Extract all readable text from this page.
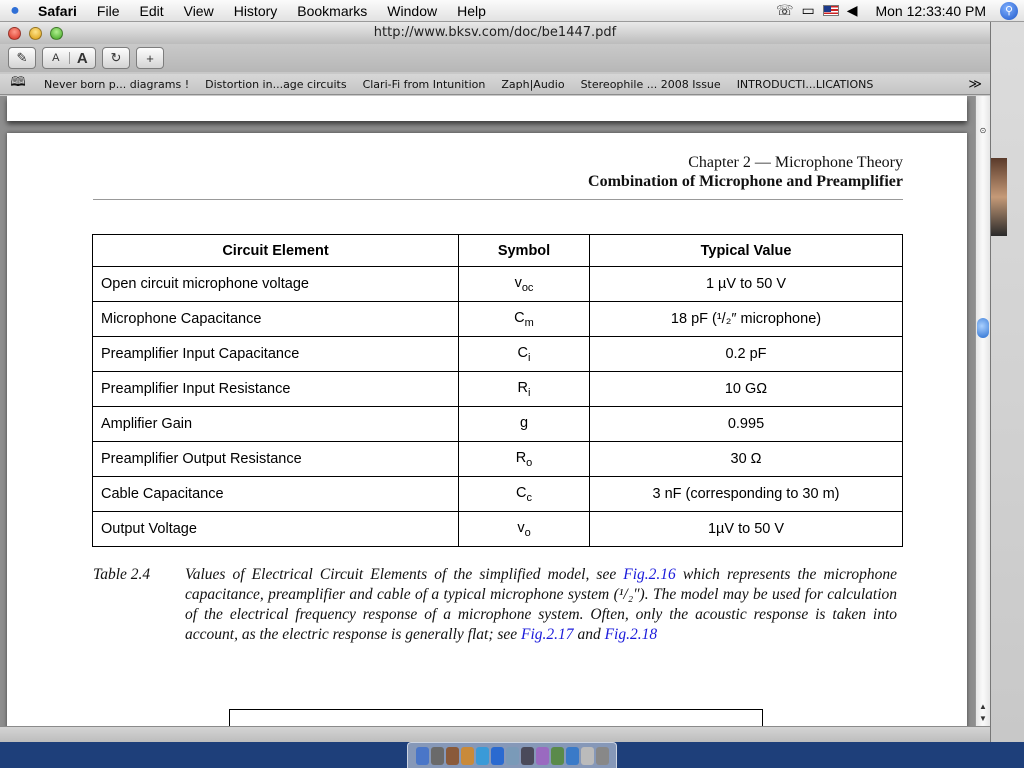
●	Safari	File	Edit	View	History	Bookmarks	Window	Help	☏ ▭ ◀ Mon 12:33:40 PM	⚲
http://www.bksv.com/doc/be1447.pdf
✎	A	A	↻ +
🕮	Never born p... diagrams !	Distortion in...age circuits	Clari-Fi from Intunition	Zaph|Audio	Stereophile ... 2008 Issue	INTRODUCTI...LICATIONS	≫
Chapter 2 — Microphone Theory
Combination of Microphone and Preamplifier
Circuit Element	Symbol	Typical Value
Open circuit microphone voltage	$v_{oc}$	1 µV to 50 V
Microphone Capacitance	$C_m$	18 pF (¹/₂″ microphone)
Preamplifier Input Capacitance	$C_i$	0.2 pF
Preamplifier Input Resistance	$R_i$	10 GΩ
Amplifier Gain	g	0.995
Preamplifier Output Resistance	$R_o$	30 Ω
Cable Capacitance	$C_c$	3 nF (corresponding to 30 m)
Output Voltage	$v_o$	1µV to 50 V
Table 2.4	Values of Electrical Circuit Elements of the simplified model, see Fig.2.16 which represents the microphone capacitance, preamplifier and cable of a typical microphone system (¹/₂″). The model may be used for calculation of the electrical frequency response of a microphone system. Often, only the acoustic response is taken into account, as the electric response is generally flat; see Fig.2.17 and Fig.2.18
⊙
▲
▼
